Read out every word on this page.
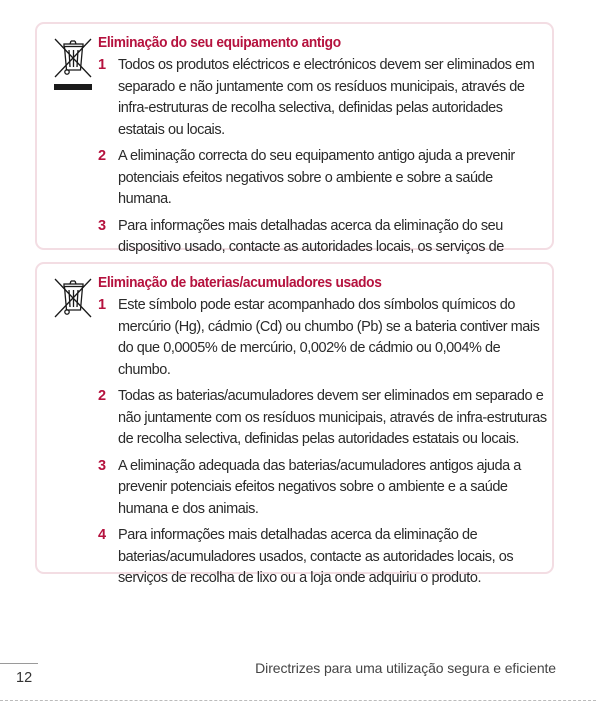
Eliminação do seu equipamento antigo
1 Todos os produtos eléctricos e electrónicos devem ser eliminados em separado e não juntamente com os resíduos municipais, através de infra-estruturas de recolha selectiva, definidas pelas autoridades estatais ou locais.
2 A eliminação correcta do seu equipamento antigo ajuda a prevenir potenciais efeitos negativos sobre o ambiente e sobre a saúde humana.
3 Para informações mais detalhadas acerca da eliminação do seu dispositivo usado, contacte as autoridades locais, os serviços de
Eliminação de baterias/acumuladores usados
1 Este símbolo pode estar acompanhado dos símbolos químicos do mercúrio (Hg), cádmio (Cd) ou chumbo (Pb) se a bateria contiver mais do que 0,0005% de mercúrio, 0,002% de cádmio ou 0,004% de chumbo.
2 Todas as baterias/acumuladores devem ser eliminados em separado e não juntamente com os resíduos municipais, através de infra-estruturas de recolha selectiva, definidas pelas autoridades estatais ou locais.
3 A eliminação adequada das baterias/acumuladores antigos ajuda a prevenir potenciais efeitos negativos sobre o ambiente e a saúde humana e dos animais.
4 Para informações mais detalhadas acerca da eliminação de baterias/acumuladores usados, contacte as autoridades locais, os serviços de recolha de lixo ou a loja onde adquiriu o produto.
12
Directrizes para uma utilização segura e eficiente
